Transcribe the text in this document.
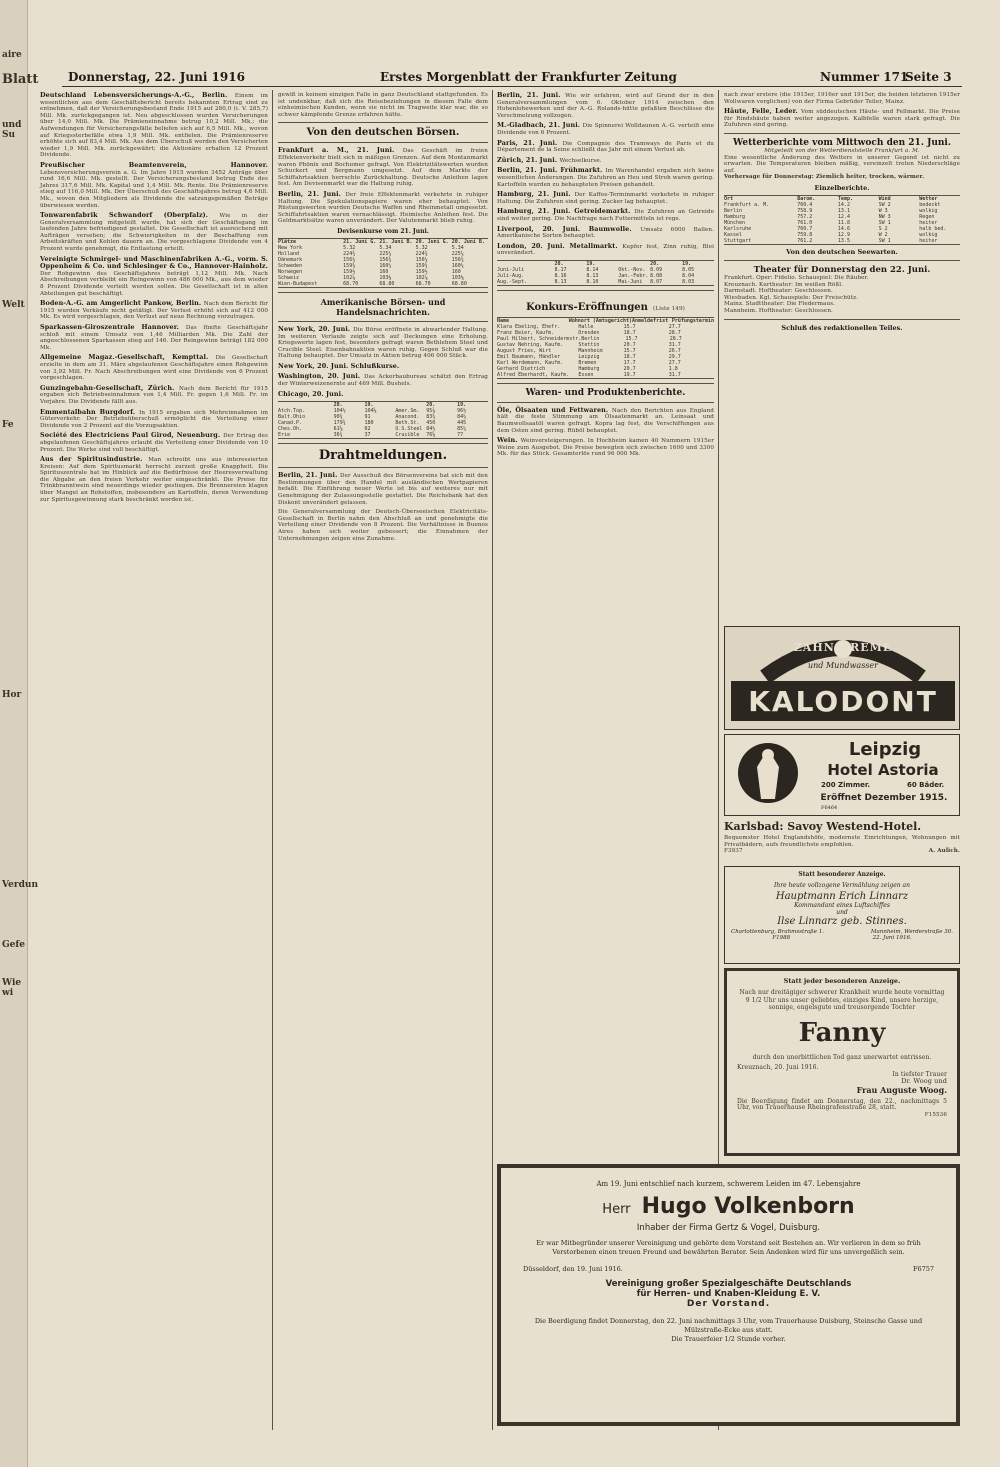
aire
Blatt
und Su
Welt
Fe
Hor
Verdun
Gefe
Wie wi
Donnerstag, 22. Juni 1916	Erstes Morgenblatt der Frankfurter Zeitung	Nummer 171
Seite 3
Deutschland Lebensversicherungs-A.-G., Berlin. Einem im wesentlichen aus dem Geschäftsbericht bereits bekannten Ertrag sind zu entnehmen, daß der Versicherungsbestand Ende 1915 auf 280,0 (i. V. 285,7) Mill. Mk. zurückgegangen ist. Neu abgeschlossen wurden Versicherungen über 14,0 Mill. Mk. Die Prämieneinnahme betrug 10,2 Mill. Mk.; die Aufwendungen für Versicherungsfälle beliefen sich auf 6,5 Mill. Mk., wovon auf Kriegssterbefälle etwa 1,9 Mill. Mk. entfielen. Die Prämienreserve erhöhte sich auf 83,4 Mill. Mk. Aus dem Überschuß werden den Versicherten wieder 1,9 Mill. Mk. zurückgewährt; die Aktionäre erhalten 12 Prozent Dividende.
Preußischer Beamtenverein, Hannover. Lebensversicherungsverein a. G. Im Jahre 1915 wurden 3452 Anträge über rund 16,6 Mill. Mk. gestellt. Der Versicherungsbestand betrug Ende des Jahres 317,6 Mill. Mk. Kapital und 1,4 Mill. Mk. Rente. Die Prämienreserve stieg auf 116,0 Mill. Mk. Der Überschuß des Geschäftsjahres betrug 4,6 Mill. Mk., wovon den Mitgliedern als Dividende die satzungsgemäßen Beträge überwiesen werden.
Tonwarenfabrik Schwandorf (Oberpfalz). Wie in der Generalversammlung mitgeteilt wurde, hat sich der Geschäftsgang im laufenden Jahre befriedigend gestaltet. Die Gesellschaft ist ausreichend mit Aufträgen versehen; die Schwierigkeiten in der Beschaffung von Arbeitskräften und Kohlen dauern an. Die vorgeschlagene Dividende von 4 Prozent wurde genehmigt, die Entlastung erteilt.
Vereinigte Schmirgel- und Maschinenfabriken A.-G., vorm. S. Oppenheim & Co. und Schlesinger & Co., Hannover-Hainholz. Der Rohgewinn des Geschäftsjahres beträgt 1,12 Mill. Mk. Nach Abschreibungen verbleibt ein Reingewinn von 486 000 Mk., aus dem wieder 8 Prozent Dividende verteilt werden sollen. Die Gesellschaft ist in allen Abteilungen gut beschäftigt.
Boden-A.-G. am Amgerlicht Pankow, Berlin. Nach dem Bericht für 1915 wurden Verkäufe nicht getätigt. Der Verlust erhöht sich auf 412 000 Mk. Es wird vorgeschlagen, den Verlust auf neue Rechnung vorzutragen.
Sparkassen-Giroszentrale Hannover. Das fünfte Geschäftsjahr schloß mit einem Umsatz von 1,46 Milliarden Mk. Die Zahl der angeschlossenen Sparkassen stieg auf 146. Der Reingewinn beträgt 182 000 Mk.
Allgemeine Magaz.-Gesellschaft, Kempttal. Die Gesellschaft erzielte in dem am 31. März abgelaufenen Geschäftsjahre einen Rohgewinn von 3,92 Mill. Fr. Nach Abschreibungen wird eine Dividende von 6 Prozent vorgeschlagen.
Gunzingebahn-Gesellschaft, Zürich. Nach dem Bericht für 1915 ergaben sich Betriebseinnahmen von 1,4 Mill. Fr. gegen 1,6 Mill. Fr. im Vorjahre. Die Dividende fällt aus.
Emmentalbahn Burgdorf. In 1915 ergaben sich Mehreinnahmen im Güterverkehr. Der Betriebsüberschuß ermöglicht die Verteilung einer Dividende von 2 Prozent auf die Vorzugsaktien.
Société des Electriciens Paul Girod, Neuenburg. Der Ertrag des abgelaufenen Geschäftsjahres erlaubt die Verteilung einer Dividende von 10 Prozent. Die Werke sind voll beschäftigt.
Aus der Spiritusindustrie. Man schreibt uns aus interessierten Kreisen: Auf dem Spiritusmarkt herrscht zurzeit große Knappheit. Die Spirituszentrale hat im Hinblick auf die Bedürfnisse der Heeresverwaltung die Abgabe an den freien Verkehr weiter eingeschränkt. Die Preise für Trinkbranntwein sind neuerdings wieder gestiegen. Die Brennereien klagen über Mangel an Rohstoffen, insbesondere an Kartoffeln, deren Verwendung zur Spiritusgewinnung stark beschränkt worden ist.
gewiß in keinem einzigen Falle in ganz Deutschland stattgefunden. Es ist undenkbar, daß sich die Reisebeziehungen in diesem Falle dem einheimischen Kunden, wenn sie nicht im Tragweite klar war, die so schwer kämpfende Grenze erfahren hätte.
Von den deutschen Börsen.
Frankfurt a. M., 21. Juni. Das Geschäft im freien Effektenverkehr hielt sich in mäßigen Grenzen. Auf dem Montanmarkt waren Phönix und Bochumer gefragt. Von Elektrizitätswerten wurden Schuckert und Bergmann umgesetzt. Auf dem Markte der Schiffahrtsaktien herrschte Zurückhaltung. Deutsche Anleihen lagen fest. Am Devisenmarkt war die Haltung ruhig.
Berlin, 21. Juni. Der freie Effektenmarkt verkehrte in ruhiger Haltung. Die Spekulationspapiere waren eher behauptet. Von Rüstungswerten wurden Deutsche Waffen und Rheinmetall umgesetzt. Schiffahrtsaktien waren vernachlässigt. Heimische Anleihen fest. Die Geldmarktsätze waren unverändert. Der Valutenmarkt blieb ruhig.
Devisenkurse vom 21. Juni.
Plätze	21. Juni G. 21. Juni B. 20. Juni G. 20. Juni B.
New York	5.32	5.34	5.32	5.34
Holland	224¾	225¼	224¾	225¼
Dänemark	156¼	156¾	156¼	156¾
Schweden	159¾	160¼	159¾	160¼
Norwegen	159½	160	159½	160
Schweiz	102⅞	103⅛	102⅞	103⅛
Wien-Budapest	68.70	68.80	68.70	68.80
Amerikanische Börsen- und Handelsnachrichten.
New York, 20. Juni. Die Börse eröffnete in abwartender Haltung. Im weiteren Verlaufe zeigte sich auf Deckungen eine Erholung. Kriegswerte lagen fest, besonders gefragt waren Bethlehem Steel und Crucible Steel. Eisenbahnaktien waren ruhig. Gegen Schluß war die Haltung behauptet. Der Umsatz in Aktien betrug 406 000 Stück.
New York, 20. Juni. Schlußkurse.
Washington, 20. Juni. Das Ackerbaubureau schätzt den Ertrag der Winterweizenernte auf 469 Mill. Bushels.
Chicago, 20. Juni.
20.	19.	20.	19.
Atch.Top.	104½	104⅝	Amer.Sm.	95⅞	96½
Balt.Ohio	90¾	91	Anacond.	83¾	84¼
Canad.P.	179¾	180	Beth.St.	450	445
Ches.Oh.	61⅝	62	U.S.Steel 84½	85¼
Erie	36¾	37	Crucible	76⅝	77
Drahtmeldungen.
Berlin, 21. Juni. Der Ausschuß des Börsenvereins hat sich mit den Bestimmungen über den Handel mit ausländischen Wertpapieren befaßt. Die Einführung neuer Werte ist bis auf weiteres nur mit Genehmigung der Zulassungsstelle gestattet. Die Reichsbank hat den Diskont unverändert gelassen.
Die Generalversammlung der Deutsch-Überseeischen Elektricitäts-Gesellschaft in Berlin nahm den Abschluß an und genehmigte die Verteilung einer Dividende von 8 Prozent. Die Verhältnisse in Buenos Aires haben sich weiter gebessert; die Einnahmen der Unternehmungen zeigen eine Zunahme.
Berlin, 21. Juni. Wie wir erfahren, wird auf Grund der in den Generalversammlungen vom 6. Oktober 1914 zwischen den Hohenlohewerken und der A.-G. Rolands-hütte gefaßten Beschlüsse die Verschmelzung vollzogen.
M.-Gladbach, 21. Juni. Die Spinnerei Wolldaunen A.-G. verteilt eine Dividende von 6 Prozent.
Paris, 21. Juni. Die Compagnie des Tramways de Paris et du Département de la Seine schließt das Jahr mit einem Verlust ab.
Zürich, 21. Juni. Wechselkurse.
Berlin, 21. Juni. Frühmarkt. Im Warenhandel ergaben sich keine wesentlichen Änderungen. Die Zufuhren an Heu und Stroh waren gering. Kartoffeln wurden zu behaupteten Preisen gehandelt.
Hamburg, 21. Juni. Der Kaffee-Terminmarkt verkehrte in ruhiger Haltung. Die Zufuhren sind gering. Zucker lag behauptet.
Hamburg, 21. Juni. Getreidemarkt. Die Zufuhren an Getreide sind weiter gering. Die Nachfrage nach Futtermitteln ist rege.
Liverpool, 20. Juni. Baumwolle. Umsatz 6000 Ballen. Amerikanische Sorten behauptet.
London, 20. Juni. Metallmarkt. Kupfer fest, Zinn ruhig, Blei unverändert.
20.	19.	20.	19.
Juni-Juli	8.17	8.14	Okt.-Nov. 8.09	8.05
Juli-Aug.	8.16	8.13	Jan.-Febr. 8.08	8.04
Aug.-Sept.	8.13	8.10	Mai-Juni	8.07	8.03
Konkurs-Eröffnungen (Liste 149)
Name	Wohnort (Amtsgericht) Anmeldefrist Prüfungstermin
Klara Ebeling, Ehefr.	Halle	15.7	27.7
Franz Beier, Kaufm.	Dresden	18.7	28.7
Paul Hilbert, Schneidermstr. Berlin	15.7	28.7
Gustav Nehring, Kaufm.	Stettin	20.7	31.7
August Fries, Wirt	Mannheim	15.7	26.7
Emil Baumann, Händler	Leipzig	18.7	29.7
Karl Werdemann, Kaufm.	Bremen	17.7	27.7
Gerhard Dietrich	Hamburg	20.7	1.8
Alfred Eberhardt, Kaufm.	Essen	19.7	31.7
Waren- und Produktenberichte.
Öle, Ölsaaten und Fettwaren. Nach den Berichten aus England hält die feste Stimmung am Ölsaatenmarkt an. Leinsaat und Baumwollsaatöl waren gefragt. Kopra lag fest, die Verschiffungen aus dem Osten sind gering. Rüböl behauptet.
Wein. Weinversteigerungen. In Hochheim kamen 40 Nummern 1915er Weine zum Ausgebot. Die Preise bewegten sich zwischen 1600 und 3300 Mk. für das Stück. Gesamterlös rund 96 000 Mk.
nach zwar erstere (die 1915er, 1916er und 1915er, die beiden letzteren 1915er Wollwaren verglichen) von der Firma Gebrüder Teiler, Mainz.
Häute, Felle, Leder. Vom süddeutschen Häute- und Fellmarkt. Die Preise für Rindshäute haben weiter angezogen. Kalbfelle waren stark gefragt. Die Zufuhren sind gering.
Wetterberichte vom Mittwoch den 21. Juni.
Mitgeteilt von der Wetterdienststelle Frankfurt a. M.
Eine wesentliche Änderung des Wetters in unserer Gegend ist nicht zu erwarten. Die Temperaturen bleiben mäßig, vereinzelt treten Niederschläge auf.
Vorhersage für Donnerstag: Ziemlich heiter, trocken, wärmer.
Einzelberichte.
Ort	Barom.	Temp.	Wind	Wetter
Frankfurt a. M.	760.4	14.2	SW 2	bedeckt
Berlin	758.9	13.1	W 3	wolkig
Hamburg	757.2	12.4	NW 3	Regen
München	761.0	11.8	SW 1	heiter
Karlsruhe	760.7	14.6	S 2	halb bed.
Kassel	759.8	12.9	W 2	wolkig
Stuttgart	761.2	13.5	SW 1	heiter
Von den deutschen Seewarten.
Theater für Donnerstag den 22. Juni.
Frankfurt. Oper: Fidelio. Schauspiel: Die Räuber.
Kreuznach. Kurtheater: Im weißen Rößl.
Darmstadt. Hoftheater: Geschlossen.
Wiesbaden. Kgl. Schauspiele: Der Freischütz.
Mainz. Stadttheater: Die Fledermaus.
Mannheim. Hoftheater: Geschlossen.
Schluß des redaktionellen Teiles.
ZAHN-CREME
und Mundwasser
KALODONT
Leipzig
Hotel Astoria
200 Zimmer.	60 Bäder.
Eröffnet Dezember 1915.
F6464
Karlsbad: Savoy Westend-Hotel.
Bequemster Hotel Englandshöfe, modernste Einrichtungen, Wohnungen mit Privatbädern, aufs freundlichste empfohlen.
F3937	A. Aulich.
Statt besonderer Anzeige.
Ihre heute vollzogene Vermählung zeigen an
Hauptmann Erich Linnarz
Kommandant eines Luftschiffes
und
Ilse Linnarz geb. Stinnes.
Charlottenburg, Brahmsstraße 1.	Mannheim, Werderstraße 30.
F1988	22. Juni 1916.
Statt jeder besonderen Anzeige.
Nach nur dreitägiger schwerer Krankheit wurde heute vormittag 9 1/2 Uhr uns unser geliebtes, einziges Kind, unsere herzige, sonnige, engelsgute und treusorgende Tochter
Fanny
durch den unerbittlichen Tod ganz unerwartet entrissen.
Kreuznach, 20. Juni 1916.
In tiefster Trauer
Dr. Woog und
Frau Auguste Woog.
Die Beerdigung findet am Donnerstag, den 22., nachmittags 5 Uhr, von Trauerhause Rheingrafenstraße 28, statt.
F15536
Am 19. Juni entschlief nach kurzem, schwerem Leiden im 47. Lebensjahre
Herr Hugo Volkenborn
Inhaber der Firma Gertz & Vogel, Duisburg.
Er war Mitbegründer unserer Vereinigung und gehörte dem Vorstand seit Bestehen an. Wir verlieren in dem so früh Verstorbenen einen treuen Freund und bewährten Berater. Sein Andenken wird für uns unvergeßlich sein.
Düsseldorf, den 19. Juni 1916.	F6757
Vereinigung großer Spezialgeschäfte Deutschlands
für Herren- und Knaben-Kleidung E. V.
Der Vorstand.
Die Beerdigung findet Donnerstag, den 22. Juni nachmittags 3 Uhr, vom Trauerhause Duisburg, Steinsche Gasse und Mülzstraße-Ecke aus statt.
Die Trauerfeier 1/2 Stunde vorher.
